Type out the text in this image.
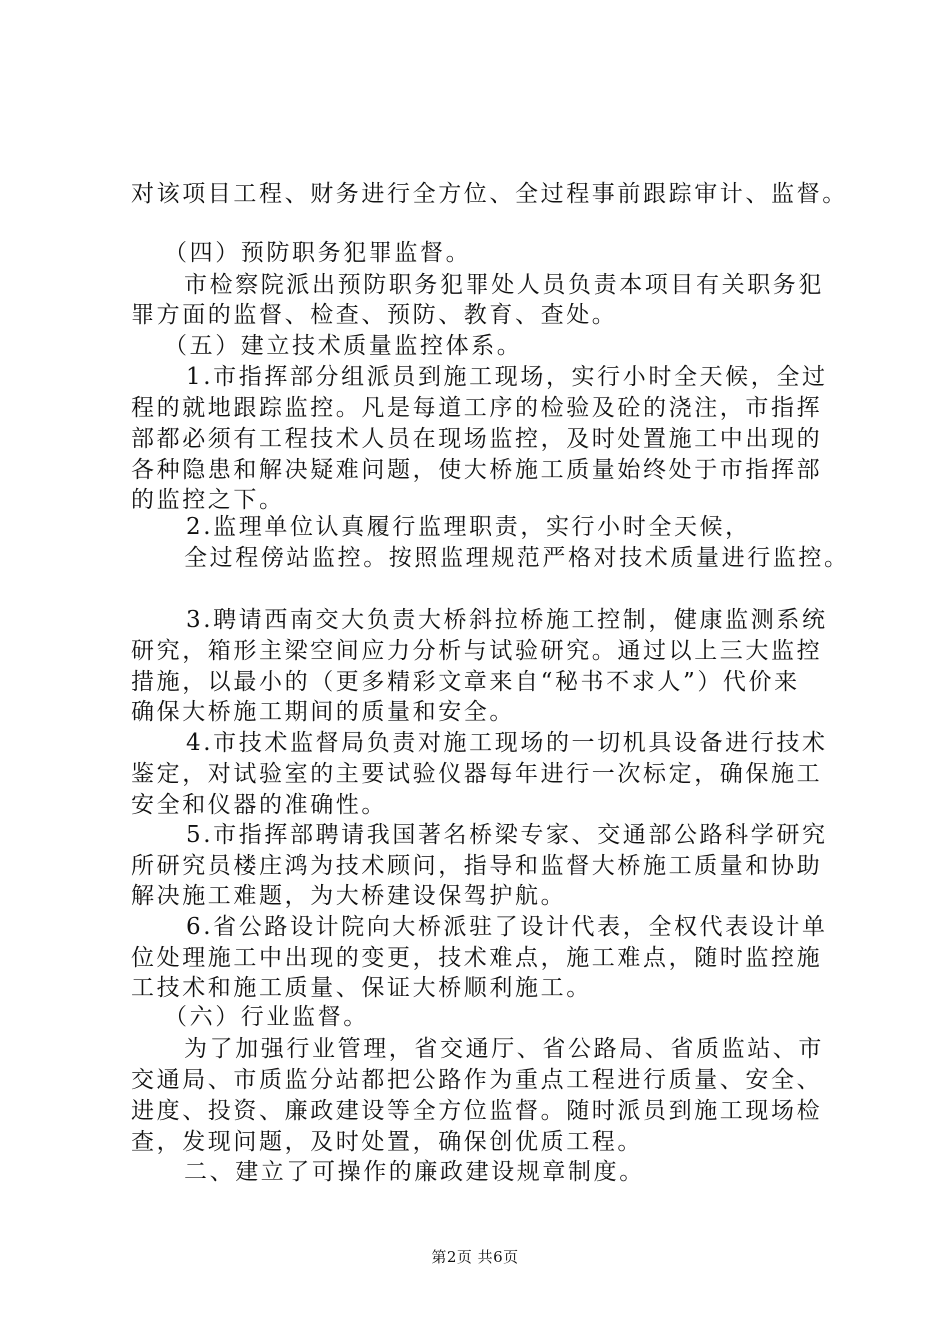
对该项目工程、财务进行全方位、全过程事前跟踪审计、监督。
（四）预防职务犯罪监督。
市检察院派出预防职务犯罪处人员负责本项目有关职务犯
罪方面的监督、检查、预防、教育、查处。
（五）建立技术质量监控体系。
1.市指挥部分组派员到施工现场，实行小时全天候，全过
程的就地跟踪监控。凡是每道工序的检验及砼的浇注，市指挥
部都必须有工程技术人员在现场监控，及时处置施工中出现的
各种隐患和解决疑难问题，使大桥施工质量始终处于市指挥部
的监控之下。
2.监理单位认真履行监理职责，实行小时全天候，
全过程傍站监控。按照监理规范严格对技术质量进行监控。
3.聘请西南交大负责大桥斜拉桥施工控制，健康监测系统
研究，箱形主梁空间应力分析与试验研究。通过以上三大监控
措施，以最小的（更多精彩文章来自“秘书不求人”）代价来
确保大桥施工期间的质量和安全。
4.市技术监督局负责对施工现场的一切机具设备进行技术
鉴定，对试验室的主要试验仪器每年进行一次标定，确保施工
安全和仪器的准确性。
5.市指挥部聘请我国著名桥梁专家、交通部公路科学研究
所研究员楼庄鸿为技术顾问，指导和监督大桥施工质量和协助
解决施工难题，为大桥建设保驾护航。
6.省公路设计院向大桥派驻了设计代表，全权代表设计单
位处理施工中出现的变更，技术难点，施工难点，随时监控施
工技术和施工质量、保证大桥顺利施工。
（六）行业监督。
为了加强行业管理，省交通厅、省公路局、省质监站、市
交通局、市质监分站都把公路作为重点工程进行质量、安全、
进度、投资、廉政建设等全方位监督。随时派员到施工现场检
查，发现问题，及时处置，确保创优质工程。
二、建立了可操作的廉政建设规章制度。
第2页 共6页
